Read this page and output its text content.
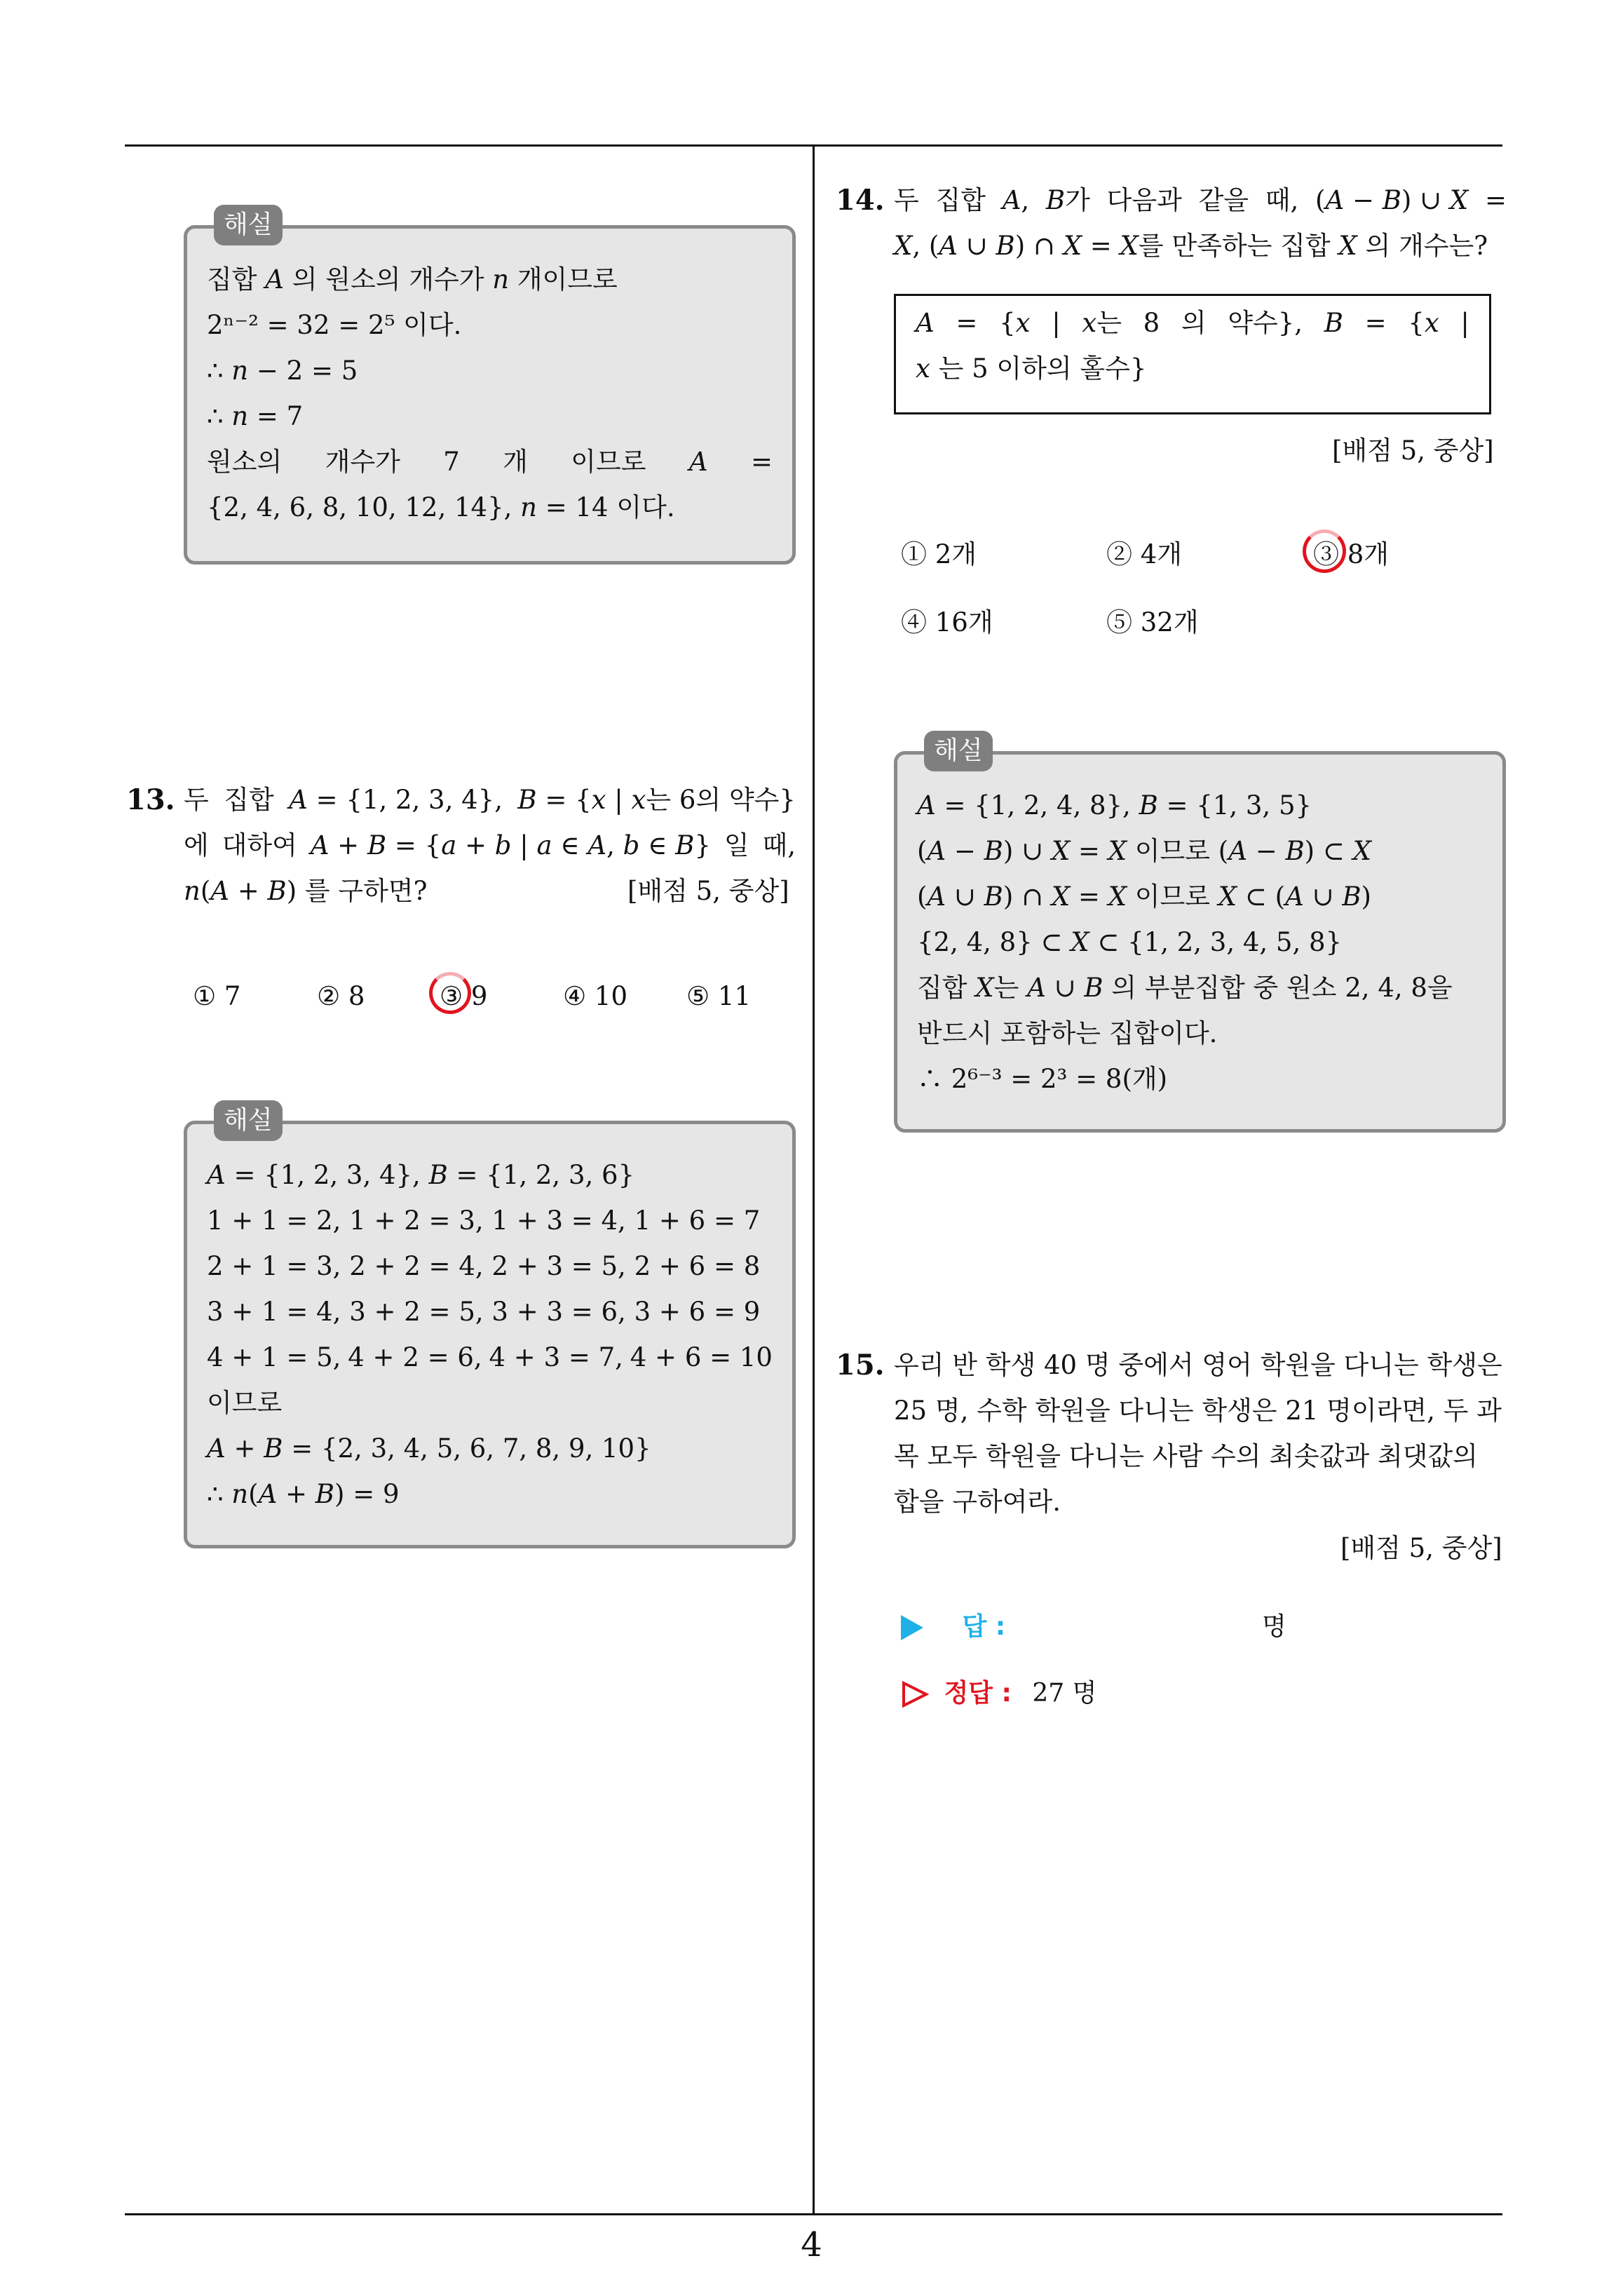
해설
집합 𝐴 의 원소의 개수가 𝑛 개이므로
2ⁿ⁻² = 32 = 2⁵ 이다.
∴ 𝑛 − 2 = 5
∴ 𝑛 = 7
원소의 개수가 7 개 이므로 𝐴 =
{2, 4, 6, 8, 10, 12, 14}, 𝑛 = 14 이다.
13. 두 집합 𝐴 = {1, 2, 3, 4}, 𝐵 = {𝑥 | 𝑥는 6의 약수}
에 대하여 𝐴 + 𝐵 = {𝑎 + 𝑏 | 𝑎 ∈ 𝐴, 𝑏 ∈ 𝐵} 일 때,
𝑛(𝐴 + 𝐵) 를 구하면?	[배점 5, 중상]
① 7	② 8	③ 9	④ 10 ⑤ 11
해설
𝐴 = {1, 2, 3, 4}, 𝐵 = {1, 2, 3, 6}
1 + 1 = 2, 1 + 2 = 3, 1 + 3 = 4, 1 + 6 = 7
2 + 1 = 3, 2 + 2 = 4, 2 + 3 = 5, 2 + 6 = 8
3 + 1 = 4, 3 + 2 = 5, 3 + 3 = 6, 3 + 6 = 9
4 + 1 = 5, 4 + 2 = 6, 4 + 3 = 7, 4 + 6 = 10
이므로
𝐴 + 𝐵 = {2, 3, 4, 5, 6, 7, 8, 9, 10}
∴ 𝑛(𝐴 + 𝐵) = 9
14. 두 집합 𝐴, 𝐵가 다음과 같을 때, (𝐴 − 𝐵) ∪ 𝑋 =
𝑋, (𝐴 ∪ 𝐵) ∩ 𝑋 = 𝑋를 만족하는 집합 𝑋 의 개수는?
𝐴 = {𝑥 | 𝑥는 8 의 약수}, 𝐵 = {𝑥 |
𝑥 는 5 이하의 홀수}
[배점 5, 중상]
① 2개	② 4개	③ 8개
④ 16개	⑤ 32개
해설
𝐴 = {1, 2, 4, 8}, 𝐵 = {1, 3, 5}
(𝐴 − 𝐵) ∪ 𝑋 = 𝑋 이므로 (𝐴 − 𝐵) ⊂ 𝑋
(𝐴 ∪ 𝐵) ∩ 𝑋 = 𝑋 이므로 𝑋 ⊂ (𝐴 ∪ 𝐵)
{2, 4, 8} ⊂ 𝑋 ⊂ {1, 2, 3, 4, 5, 8}
집합 𝑋는 𝐴 ∪ 𝐵 의 부분집합 중 원소 2, 4, 8을
반드시 포함하는 집합이다.
∴ 2⁶⁻³ = 2³ = 8(개)
15. 우리 반 학생 40 명 중에서 영어 학원을 다니는 학생은
25 명, 수학 학원을 다니는 학생은 21 명이라면, 두 과
목 모두 학원을 다니는 사람 수의 최솟값과 최댓값의
합을 구하여라.
[배점 5, 중상]
답 :	명
정답 : 27 명
4
